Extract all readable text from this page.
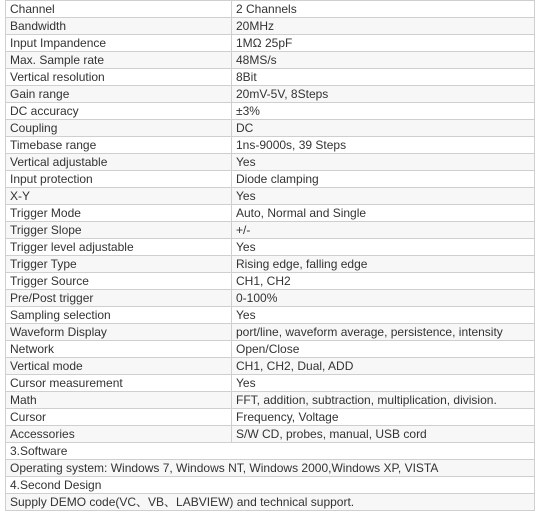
Channel	2 Channels
Bandwidth	20MHz
Input Impandence	1MΩ 25pF
Max. Sample rate	48MS/s
Vertical resolution	8Bit
Gain range	20mV-5V, 8Steps
DC accuracy	±3%
Coupling	DC
Timebase range	1ns-9000s, 39 Steps
Vertical adjustable	Yes
Input protection	Diode clamping
X-Y	Yes
Trigger Mode	Auto, Normal and Single
Trigger Slope	+/-
Trigger level adjustable	Yes
Trigger Type	Rising edge, falling edge
Trigger Source	CH1, CH2
Pre/Post trigger	0-100%
Sampling selection	Yes
Waveform Display	port/line, waveform average, persistence, intensity
Network	Open/Close
Vertical mode	CH1, CH2, Dual, ADD
Cursor measurement	Yes
Math	FFT, addition, subtraction, multiplication, division.
Cursor	Frequency, Voltage
Accessories	S/W CD, probes, manual, USB cord
3.Software	
Operating system: Windows 7, Windows NT, Windows 2000,Windows XP, VISTA	
4.Second Design	
Supply DEMO code(VC、VB、LABVIEW) and technical support.	
